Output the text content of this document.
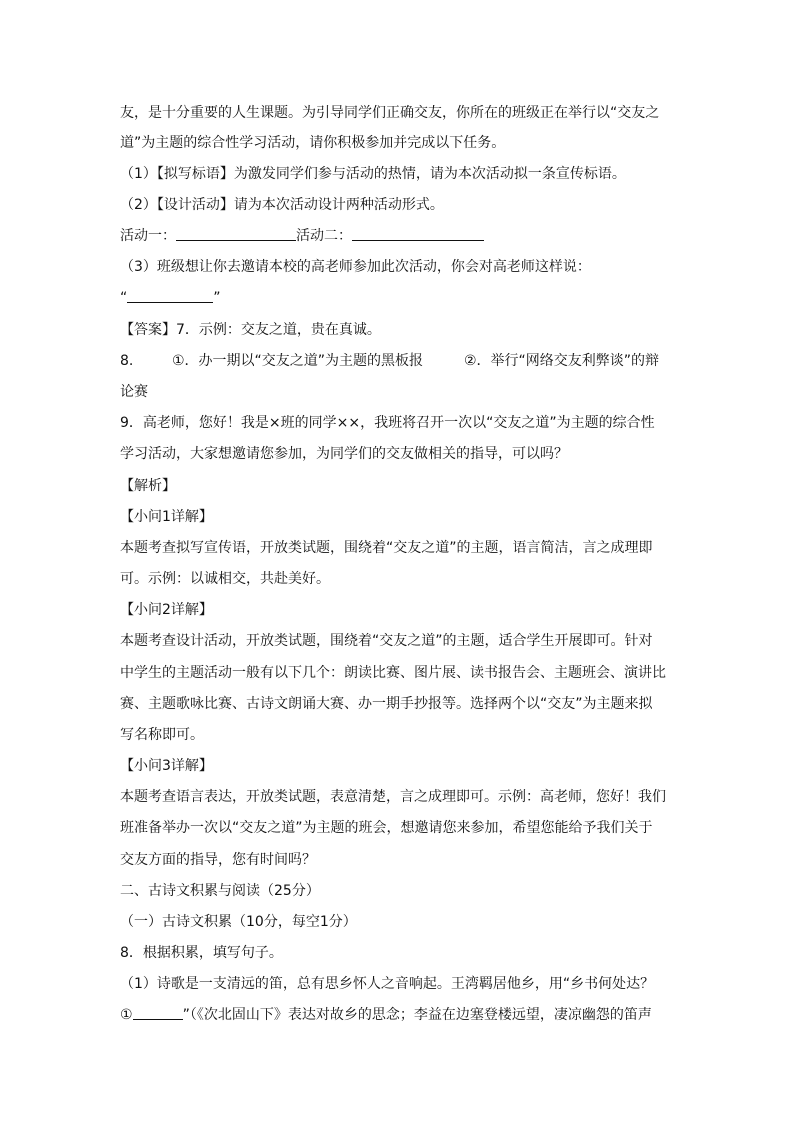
友，是十分重要的人生课题。为引导同学们正确交友，你所在的班级正在举行以“交友之
道”为主题的综合性学习活动，请你积极参加并完成以下任务。
（1）【拟写标语】为激发同学们参与活动的热情，请为本次活动拟一条宣传标语。
（2）【设计活动】请为本次活动设计两种活动形式。
活动一：	活动二：
（3）班级想让你去邀请本校的高老师参加此次活动，你会对高老师这样说：
“	”
【答案】7．示例：交友之道，贵在真诚。
8.	①．办一期以“交友之道”为主题的黑板报	②．举行“网络交友利弊谈”的辩
论赛
9．高老师，您好！我是×班的同学××，我班将召开一次以“交友之道”为主题的综合性
学习活动，大家想邀请您参加，为同学们的交友做相关的指导，可以吗？
【解析】
【小问1详解】
本题考查拟写宣传语，开放类试题，围绕着“交友之道”的主题，语言简洁，言之成理即
可。示例：以诚相交，共赴美好。
【小问2详解】
本题考查设计活动，开放类试题，围绕着“交友之道”的主题，适合学生开展即可。针对
中学生的主题活动一般有以下几个：朗读比赛、图片展、读书报告会、主题班会、演讲比
赛、主题歌咏比赛、古诗文朗诵大赛、办一期手抄报等。选择两个以“交友”为主题来拟
写名称即可。
【小问3详解】
本题考查语言表达，开放类试题，表意清楚，言之成理即可。示例：高老师，您好！我们
班准备举办一次以“交友之道”为主题的班会，想邀请您来参加，希望您能给予我们关于
交友方面的指导，您有时间吗？
二、古诗文积累与阅读（25分）
（一）古诗文积累（10分，每空1分）
8．根据积累，填写句子。
（1）诗歌是一支清远的笛，总有思乡怀人之音响起。王湾羁居他乡，用“乡书何处达？
①	”（《次北固山下》表达对故乡的思念；李益在边塞登楼远望，凄凉幽怨的笛声
